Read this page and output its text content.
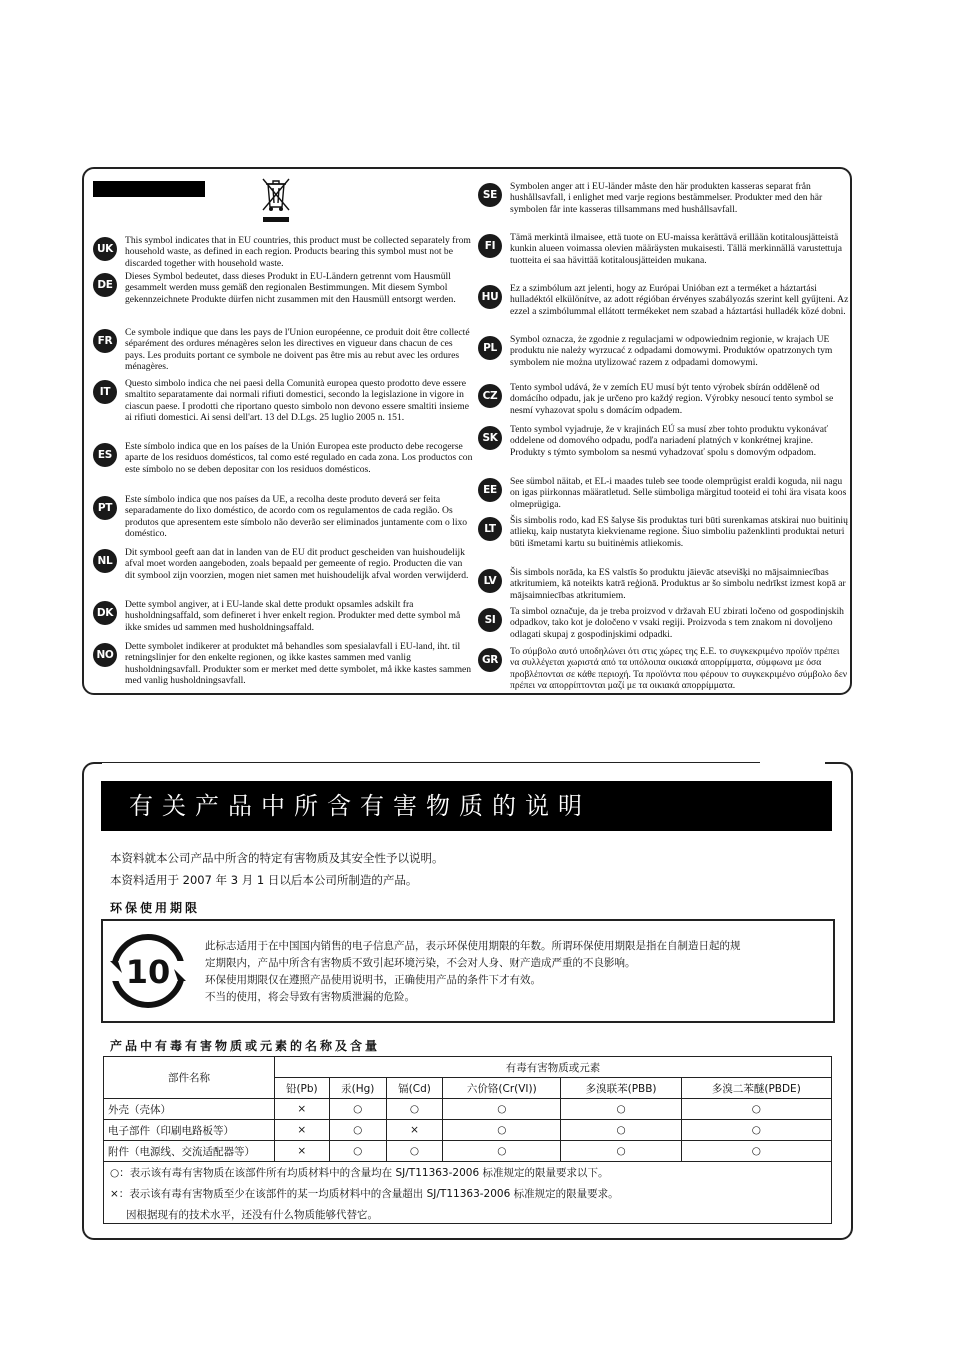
UK
This symbol indicates that in EU countries, this product must be collected separately from household waste, as defined in each region. Products bearing this symbol must not be discarded together with household waste.
DE
Dieses Symbol bedeutet, dass dieses Produkt in EU-Ländern getrennt vom Hausmüll gesammelt werden muss gemäß den regionalen Bestimmungen. Mit diesem Symbol gekennzeichnete Produkte dürfen nicht zusammen mit den Hausmüll entsorgt werden.
FR
Ce symbole indique que dans les pays de l'Union européenne, ce produit doit être collecté séparément des ordures ménagères selon les directives en vigueur dans chacun de ces pays. Les produits portant ce symbole ne doivent pas être mis au rebut avec les ordures ménagères.
IT
Questo simbolo indica che nei paesi della Comunità europea questo prodotto deve essere smaltito separatamente dai normali rifiuti domestici, secondo la legislazione in vigore in ciascun paese. I prodotti che riportano questo simbolo non devono essere smaltiti insieme ai rifiuti domestici. Ai sensi dell'art. 13 del D.Lgs. 25 luglio 2005 n. 151.
ES
Este símbolo indica que en los países de la Unión Europea este producto debe recogerse aparte de los residuos domésticos, tal como esté regulado en cada zona. Los productos con este símbolo no se deben depositar con los residuos domésticos.
PT
Este símbolo indica que nos países da UE, a recolha deste produto deverá ser feita separadamente do lixo doméstico, de acordo com os regulamentos de cada região. Os produtos que apresentem este símbolo não deverão ser eliminados juntamente com o lixo doméstico.
NL
Dit symbool geeft aan dat in landen van de EU dit product gescheiden van huishoudelijk afval moet worden aangeboden, zoals bepaald per gemeente of regio. Producten die van dit symbool zijn voorzien, mogen niet samen met huishoudelijk afval worden verwijderd.
DK
Dette symbol angiver, at i EU-lande skal dette produkt opsamles adskilt fra husholdningsaffald, som defineret i hver enkelt region. Produkter med dette symbol må ikke smides ud sammen med husholdningsaffald.
NO
Dette symbolet indikerer at produktet må behandles som spesialavfall i EU-land, iht. til retningslinjer for den enkelte regionen, og ikke kastes sammen med vanlig husholdningsavfall. Produkter som er merket med dette symbolet, må ikke kastes sammen med vanlig husholdningsavfall.
SE
Symbolen anger att i EU-länder måste den här produkten kasseras separat från hushållsavfall, i enlighet med varje regions bestämmelser. Produkter med den här symbolen får inte kasseras tillsammans med hushållsavfall.
FI
Tämä merkintä ilmaisee, että tuote on EU-maissa kerättävä erillään kotitalousjätteistä kunkin alueen voimassa olevien määräysten mukaisesti. Tällä merkinnällä varustettuja tuotteita ei saa hävittää kotitalousjätteiden mukana.
HU
Ez a szimbólum azt jelenti, hogy az Európai Unióban ezt a terméket a háztartási hulladéktól elkülönítve, az adott régióban érvényes szabályozás szerint kell gyűjteni. Az ezzel a szimbólummal ellátott termékeket nem szabad a háztartási hulladék közé dobni.
PL
Symbol oznacza, że zgodnie z regulacjami w odpowiednim regionie, w krajach UE produktu nie należy wyrzucać z odpadami domowymi. Produktów opatrzonych tym symbolem nie można utylizować razem z odpadami domowymi.
CZ
Tento symbol udává, že v zemích EU musí být tento výrobek sbírán odděleně od domácího odpadu, jak je určeno pro každý region. Výrobky nesoucí tento symbol se nesmí vyhazovat spolu s domácím odpadem.
SK
Tento symbol vyjadruje, že v krajinách EÚ sa musí zber tohto produktu vykonávať oddelene od domového odpadu, podľa nariadení platných v konkrétnej krajine. Produkty s týmto symbolom sa nesmú vyhadzovať spolu s domovým odpadom.
EE
See sümbol näitab, et EL-i maades tuleb see toode olemprügist eraldi koguda, nii nagu on igas piirkonnas määratletud. Selle sümboliga märgitud tooteid ei tohi ära visata koos olmeprügiga.
LT
Šis simbolis rodo, kad ES šalyse šis produktas turi būti surenkamas atskirai nuo buitinių atliekų, kaip nustatyta kiekviename regione. Šiuo simboliu paženklinti produktai neturi būti išmetami kartu su buitinėmis atliekomis.
LV
Šis simbols norāda, ka ES valstīs šo produktu jāievāc atsevišķi no mājsaimniecības atkritumiem, kā noteikts katrā reģionā. Produktus ar šo simbolu nedrīkst izmest kopā ar mājsaimniecības atkritumiem.
SI
Ta simbol označuje, da je treba proizvod v državah EU zbirati ločeno od gospodinjskih odpadkov, tako kot je določeno v vsaki regiji. Proizvoda s tem znakom ni dovoljeno odlagati skupaj z gospodinjskimi odpadki.
GR
Το σύμβολο αυτό υποδηλώνει ότι στις χώρες της Ε.Ε. το συγκεκριμένο προϊόν πρέπει να συλλέγεται χωριστά από τα υπόλοιπα οικιακά απορρίμματα, σύμφωνα με όσα προβλέπονται σε κάθε περιοχή. Τα προϊόντα που φέρουν το συγκεκριμένο σύμβολο δεν πρέπει να απορρίπτονται μαζί με τα οικιακά απορρίμματα.
有关产品中所含有害物质的说明
本资料就本公司产品中所含的特定有害物质及其安全性予以说明。
本资料适用于 2007 年 3 月 1 日以后本公司所制造的产品。
环保使用期限
10
此标志适用于在中国国内销售的电子信息产品，表示环保使用期限的年数。所谓环保使用期限是指在自制造日起的规
定期限内，产品中所含有害物质不致引起环境污染，不会对人身、财产造成严重的不良影响。
环保使用期限仅在遵照产品使用说明书，正确使用产品的条件下才有效。
不当的使用，将会导致有害物质泄漏的危险。
产品中有毒有害物质或元素的名称及含量
部件名称	有毒有害物质或元素					
	铅(Pb)	汞(Hg)	镉(Cd)	六价铬(Cr(VI))	多溴联苯(PBB)	多溴二苯醚(PBDE)
外壳（壳体）	×	○	○	○	○	○
电子部件（印刷电路板等）	×	○	×	○	○	○
附件（电源线、交流适配器等）	×	○	○	○	○	○
○：表示该有毒有害物质在该部件所有均质材料中的含量均在 SJ/T11363-2006 标准规定的限量要求以下。
×：表示该有毒有害物质至少在该部件的某一均质材料中的含量超出 SJ/T11363-2006 标准规定的限量要求。
因根据现有的技术水平，还没有什么物质能够代替它。
